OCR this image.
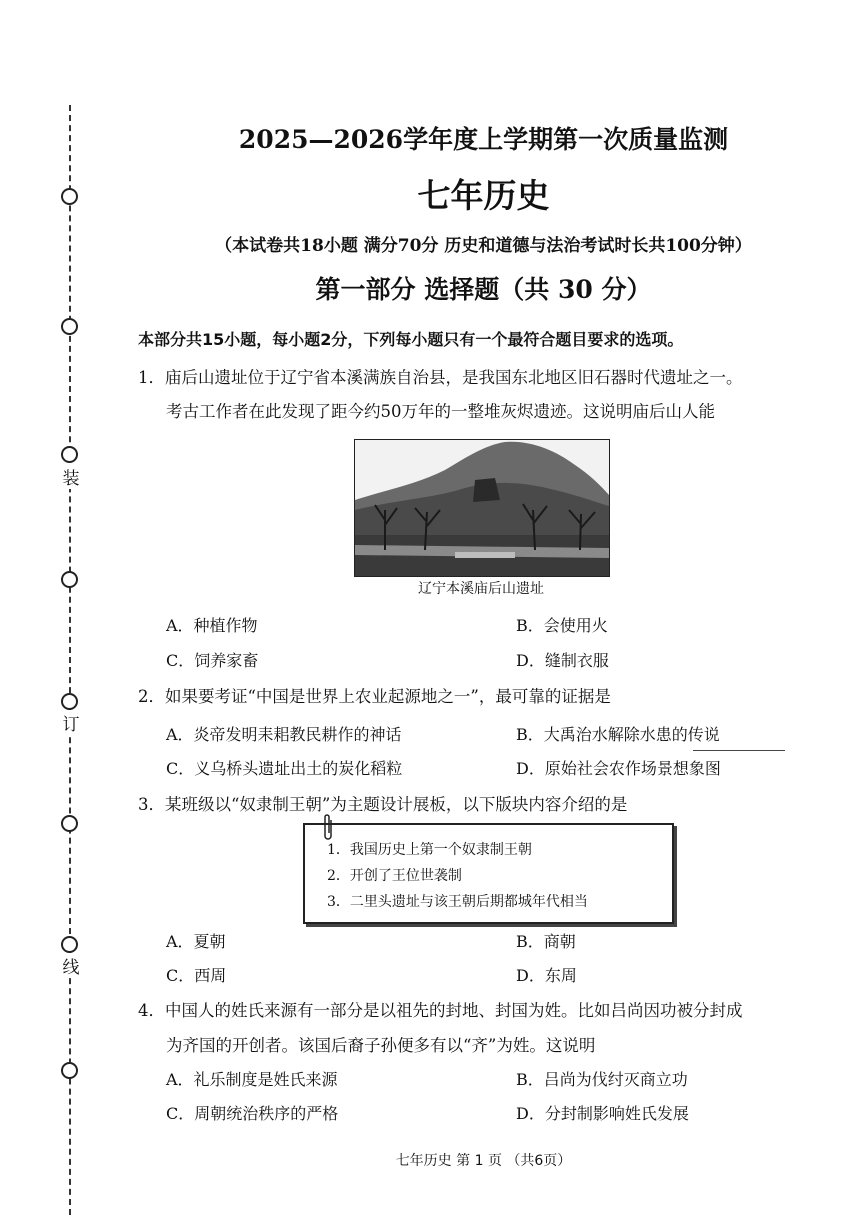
装
订
线
2025—2026学年度上学期第一次质量监测
七年历史
（本试卷共18小题 满分70分 历史和道德与法治考试时长共100分钟）
第一部分 选择题（共 30 分）
本部分共15小题，每小题2分，下列每小题只有一个最符合题目要求的选项。
1．庙后山遗址位于辽宁省本溪满族自治县，是我国东北地区旧石器时代遗址之一。
考古工作者在此发现了距今约50万年的一整堆灰烬遗迹。这说明庙后山人能
辽宁本溪庙后山遗址
A．种植作物	B．会使用火
C．饲养家畜	D．缝制衣服
2．如果要考证“中国是世界上农业起源地之一”，最可靠的证据是
A．炎帝发明耒耜教民耕作的神话	B．大禹治水解除水患的传说
C．义乌桥头遗址出土的炭化稻粒	D．原始社会农作场景想象图
3．某班级以“奴隶制王朝”为主题设计展板，以下版块内容介绍的是
1．我国历史上第一个奴隶制王朝
2．开创了王位世袭制
3．二里头遗址与该王朝后期都城年代相当
A．夏朝	B．商朝
C．西周	D．东周
4．中国人的姓氏来源有一部分是以祖先的封地、封国为姓。比如吕尚因功被分封成
为齐国的开创者。该国后裔子孙便多有以“齐”为姓。这说明
A．礼乐制度是姓氏来源	B．吕尚为伐纣灭商立功
C．周朝统治秩序的严格	D．分封制影响姓氏发展
七年历史 第 1 页 （共6页）
